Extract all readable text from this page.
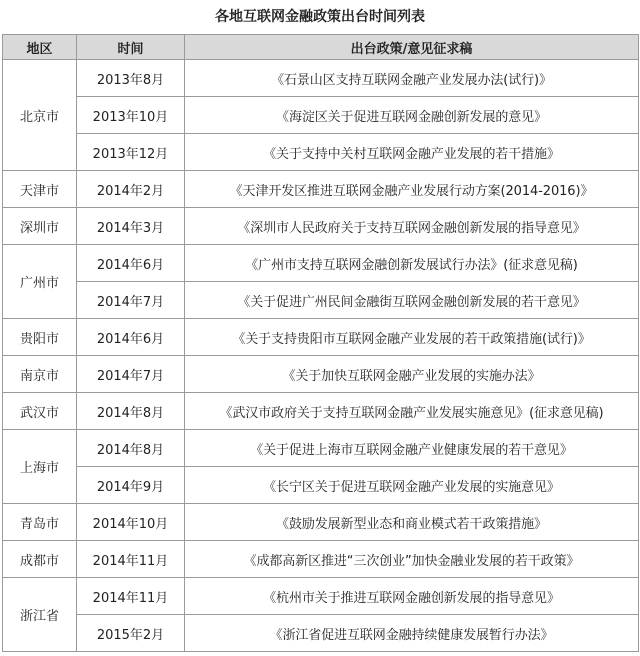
各地互联网金融政策出台时间列表
地区	时间	出台政策/意见征求稿
北京市	2013年8月	《石景山区支持互联网金融产业发展办法(试行)》
	2013年10月	《海淀区关于促进互联网金融创新发展的意见》
	2013年12月	《关于支持中关村互联网金融产业发展的若干措施》
天津市	2014年2月	《天津开发区推进互联网金融产业发展行动方案(2014-2016)》
深圳市	2014年3月	《深圳市人民政府关于支持互联网金融创新发展的指导意见》
广州市	2014年6月	《广州市支持互联网金融创新发展试行办法》(征求意见稿)
	2014年7月	《关于促进广州民间金融街互联网金融创新发展的若干意见》
贵阳市	2014年6月	《关于支持贵阳市互联网金融产业发展的若干政策措施(试行)》
南京市	2014年7月	《关于加快互联网金融产业发展的实施办法》
武汉市	2014年8月	《武汉市政府关于支持互联网金融产业发展实施意见》(征求意见稿)
上海市	2014年8月	《关于促进上海市互联网金融产业健康发展的若干意见》
	2014年9月	《长宁区关于促进互联网金融产业发展的实施意见》
青岛市	2014年10月	《鼓励发展新型业态和商业模式若干政策措施》
成都市	2014年11月	《成都高新区推进“三次创业”加快金融业发展的若干政策》
浙江省	2014年11月	《杭州市关于推进互联网金融创新发展的指导意见》
	2015年2月	《浙江省促进互联网金融持续健康发展暂行办法》
